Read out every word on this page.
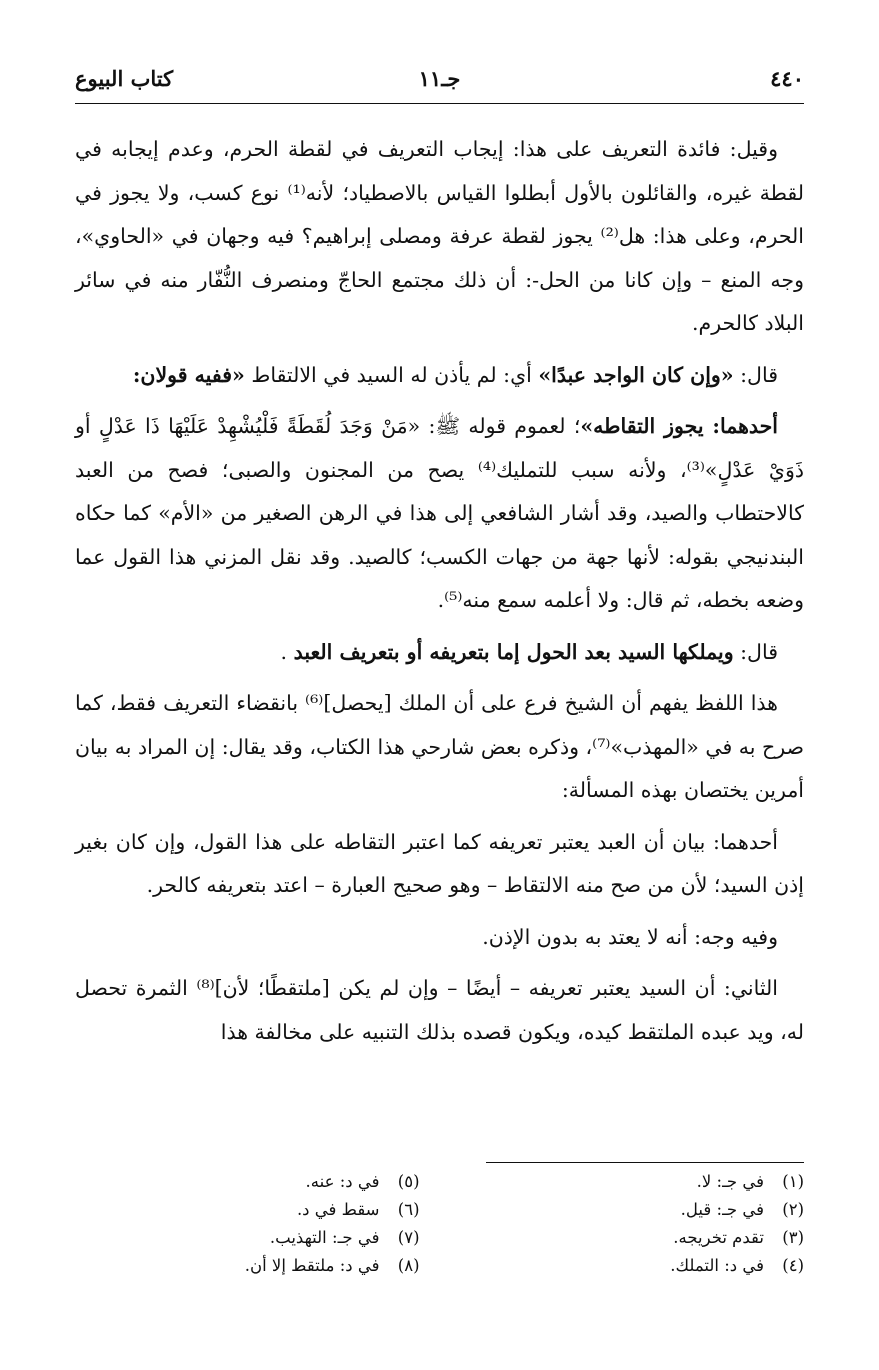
٤٤٠
جـ١١
كتاب البيوع

وقيل: فائدة التعريف على هذا: إيجاب التعريف في لقطة الحرم، وعدم إيجابه في لقطة غيره، والقائلون بالأول أبطلوا القياس بالاصطياد؛ لأنه⁽¹⁾ نوع كسب، ولا يجوز في الحرم، وعلى هذا: هل⁽²⁾ يجوز لقطة عرفة ومصلى إبراهيم؟ فيه وجهان في «الحاوي»، وجه المنع – وإن كانا من الحل-: أن ذلك مجتمع الحاجّ ومنصرف النُّفّار منه في سائر البلاد كالحرم.

قال: «وإن كان الواجد عبدًا» أي: لم يأذن له السيد في الالتقاط «ففيه قولان:

أحدهما: يجوز التقاطه»؛ لعموم قوله ﷺ: «مَنْ وَجَدَ لُقَطَةً فَلْيُشْهِدْ عَلَيْهَا ذَا عَدْلٍ أو ذَوَيْ عَدْلٍ»⁽³⁾، ولأنه سبب للتمليك⁽⁴⁾ يصح من المجنون والصبى؛ فصح من العبد كالاحتطاب والصيد، وقد أشار الشافعي إلى هذا في الرهن الصغير من «الأم» كما حكاه البندنيجي بقوله: لأنها جهة من جهات الكسب؛ كالصيد. وقد نقل المزني هذا القول عما وضعه بخطه، ثم قال: ولا أعلمه سمع منه⁽⁵⁾.

قال: ويملكها السيد بعد الحول إما بتعريفه أو بتعريف العبد .

هذا اللفظ يفهم أن الشيخ فرع على أن الملك [يحصل]⁽⁶⁾ بانقضاء التعريف فقط، كما صرح به في «المهذب»⁽⁷⁾، وذكره بعض شارحي هذا الكتاب، وقد يقال: إن المراد به بيان أمرين يختصان بهذه المسألة:

أحدهما: بيان أن العبد يعتبر تعريفه كما اعتبر التقاطه على هذا القول، وإن كان بغير إذن السيد؛ لأن من صح منه الالتقاط – وهو صحيح العبارة – اعتد بتعريفه كالحر.

وفيه وجه: أنه لا يعتد به بدون الإذن.

الثاني: أن السيد يعتبر تعريفه – أيضًا – وإن لم يكن [ملتقطًا؛ لأن]⁽⁸⁾ الثمرة تحصل له، ويد عبده الملتقط كيده، ويكون قصده بذلك التنبيه على مخالفة هذا

(١)في جـ: لا.
(٢)في جـ: قيل.
(٣)تقدم تخريجه.
(٤)في د: التملك.
(٥)في د: عنه.
(٦)سقط في د.
(٧)في جـ: التهذيب.
(٨)في د: ملتقط إلا أن.
